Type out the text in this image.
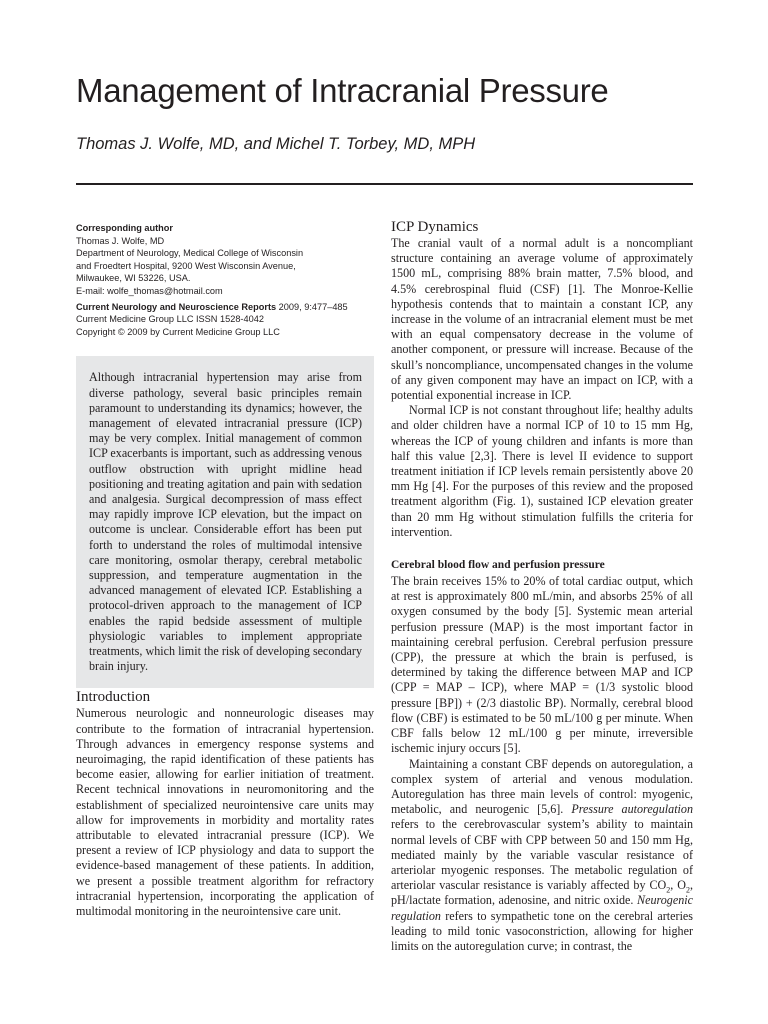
Management of Intracranial Pressure
Thomas J. Wolfe, MD, and Michel T. Torbey, MD, MPH
Corresponding author
Thomas J. Wolfe, MD
Department of Neurology, Medical College of Wisconsin
and Froedtert Hospital, 9200 West Wisconsin Avenue,
Milwaukee, WI 53226, USA.
E-mail: wolfe_thomas@hotmail.com
Current Neurology and Neuroscience Reports 2009, 9:477–485
Current Medicine Group LLC ISSN 1528-4042
Copyright © 2009 by Current Medicine Group LLC

Although intracranial hypertension may arise from diverse pathology, several basic principles remain paramount to understanding its dynamics; however, the management of elevated intracranial pressure (ICP) may be very complex. Initial management of common ICP exacerbants is important, such as addressing venous outflow obstruction with upright midline head positioning and treating agitation and pain with sedation and analgesia. Surgical decompression of mass effect may rapidly improve ICP elevation, but the impact on outcome is unclear. Considerable effort has been put forth to understand the roles of multimodal intensive care monitoring, osmolar therapy, cerebral metabolic suppression, and temperature augmentation in the advanced management of elevated ICP. Establishing a protocol-driven approach to the management of ICP enables the rapid bedside assessment of multiple physiologic variables to implement appropriate treatments, which limit the risk of developing secondary brain injury.

Introduction

Numerous neurologic and nonneurologic diseases may contribute to the formation of intracranial hypertension. Through advances in emergency response systems and neuroimaging, the rapid identification of these patients has become easier, allowing for earlier initiation of treatment. Recent technical innovations in neuromonitoring and the establishment of specialized neurointensive care units may allow for improvements in morbidity and mortality rates attributable to elevated intracranial pressure (ICP). We present a review of ICP physiology and data to support the evidence-based management of these patients. In addition, we present a possible treatment algorithm for refractory intracranial hypertension, incorporating the application of multimodal monitoring in the neurointensive care unit.

ICP Dynamics

The cranial vault of a normal adult is a noncompliant structure containing an average volume of approximately 1500 mL, comprising 88% brain matter, 7.5% blood, and 4.5% cerebrospinal fluid (CSF) [1]. The Monroe-Kellie hypothesis contends that to maintain a constant ICP, any increase in the volume of an intracranial element must be met with an equal compensatory decrease in the volume of another component, or pressure will increase. Because of the skull’s noncompliance, uncompensated changes in the volume of any given component may have an impact on ICP, with a potential exponential increase in ICP.

Normal ICP is not constant throughout life; healthy adults and older children have a normal ICP of 10 to 15 mm Hg, whereas the ICP of young children and infants is more than half this value [2,3]. There is level II evidence to support treatment initiation if ICP levels remain persistently above 20 mm Hg [4]. For the purposes of this review and the proposed treatment algorithm (Fig. 1), sustained ICP elevation greater than 20 mm Hg without stimulation fulfills the criteria for intervention.

Cerebral blood flow and perfusion pressure

The brain receives 15% to 20% of total cardiac output, which at rest is approximately 800 mL/min, and absorbs 25% of all oxygen consumed by the body [5]. Systemic mean arterial perfusion pressure (MAP) is the most important factor in maintaining cerebral perfusion. Cerebral perfusion pressure (CPP), the pressure at which the brain is perfused, is determined by taking the difference between MAP and ICP (CPP = MAP – ICP), where MAP = (1/3 systolic blood pressure [BP]) + (2/3 diastolic BP). Normally, cerebral blood flow (CBF) is estimated to be 50 mL/100 g per minute. When CBF falls below 12 mL/100 g per minute, irreversible ischemic injury occurs [5].

Maintaining a constant CBF depends on autoregulation, a complex system of arterial and venous modulation. Autoregulation has three main levels of control: myogenic, metabolic, and neurogenic [5,6]. Pressure autoregulation refers to the cerebrovascular system’s ability to maintain normal levels of CBF with CPP between 50 and 150 mm Hg, mediated mainly by the variable vascular resistance of arteriolar myogenic responses. The metabolic regulation of arteriolar vascular resistance is variably affected by $CO_2$, $O_2$, pH/lactate formation, adenosine, and nitric oxide. Neurogenic regulation refers to sympathetic tone on the cerebral arteries leading to mild tonic vasoconstriction, allowing for higher limits on the autoregulation curve; in contrast, the
